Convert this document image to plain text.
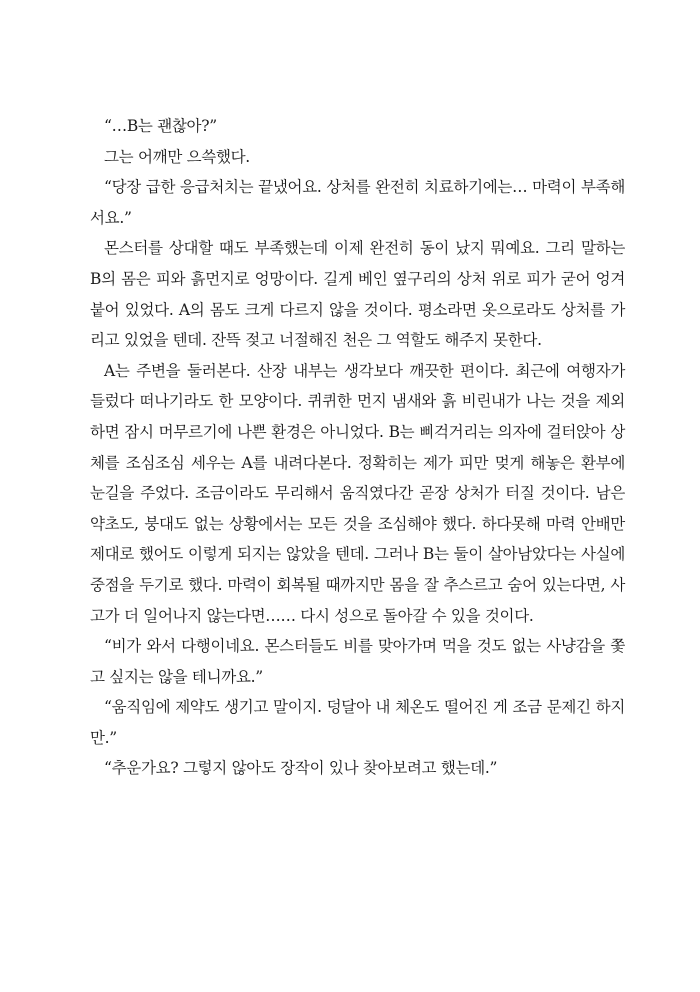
“…B는 괜찮아?”

그는 어깨만 으쓱했다.

“당장 급한 응급처치는 끝냈어요. 상처를 완전히 치료하기에는… 마력이 부족해서요.”

몬스터를 상대할 때도 부족했는데 이제 완전히 동이 났지 뭐예요. 그리 말하는 B의 몸은 피와 흙먼지로 엉망이다. 길게 베인 옆구리의 상처 위로 피가 굳어 엉겨 붙어 있었다. A의 몸도 크게 다르지 않을 것이다. 평소라면 옷으로라도 상처를 가리고 있었을 텐데. 잔뜩 젖고 너절해진 천은 그 역할도 해주지 못한다.

A는 주변을 둘러본다. 산장 내부는 생각보다 깨끗한 편이다. 최근에 여행자가 들렀다 떠나기라도 한 모양이다. 퀴퀴한 먼지 냄새와 흙 비린내가 나는 것을 제외하면 잠시 머무르기에 나쁜 환경은 아니었다. B는 삐걱거리는 의자에 걸터앉아 상체를 조심조심 세우는 A를 내려다본다. 정확히는 제가 피만 멎게 해놓은 환부에 눈길을 주었다. 조금이라도 무리해서 움직였다간 곧장 상처가 터질 것이다. 남은 약초도, 붕대도 없는 상황에서는 모든 것을 조심해야 했다. 하다못해 마력 안배만 제대로 했어도 이렇게 되지는 않았을 텐데. 그러나 B는 둘이 살아남았다는 사실에 중점을 두기로 했다. 마력이 회복될 때까지만 몸을 잘 추스르고 숨어 있는다면, 사고가 더 일어나지 않는다면…… 다시 성으로 돌아갈 수 있을 것이다.

“비가 와서 다행이네요. 몬스터들도 비를 맞아가며 먹을 것도 없는 사냥감을 쫓고 싶지는 않을 테니까요.”

“움직임에 제약도 생기고 말이지. 덩달아 내 체온도 떨어진 게 조금 문제긴 하지만.”

“추운가요? 그렇지 않아도 장작이 있나 찾아보려고 했는데.”
